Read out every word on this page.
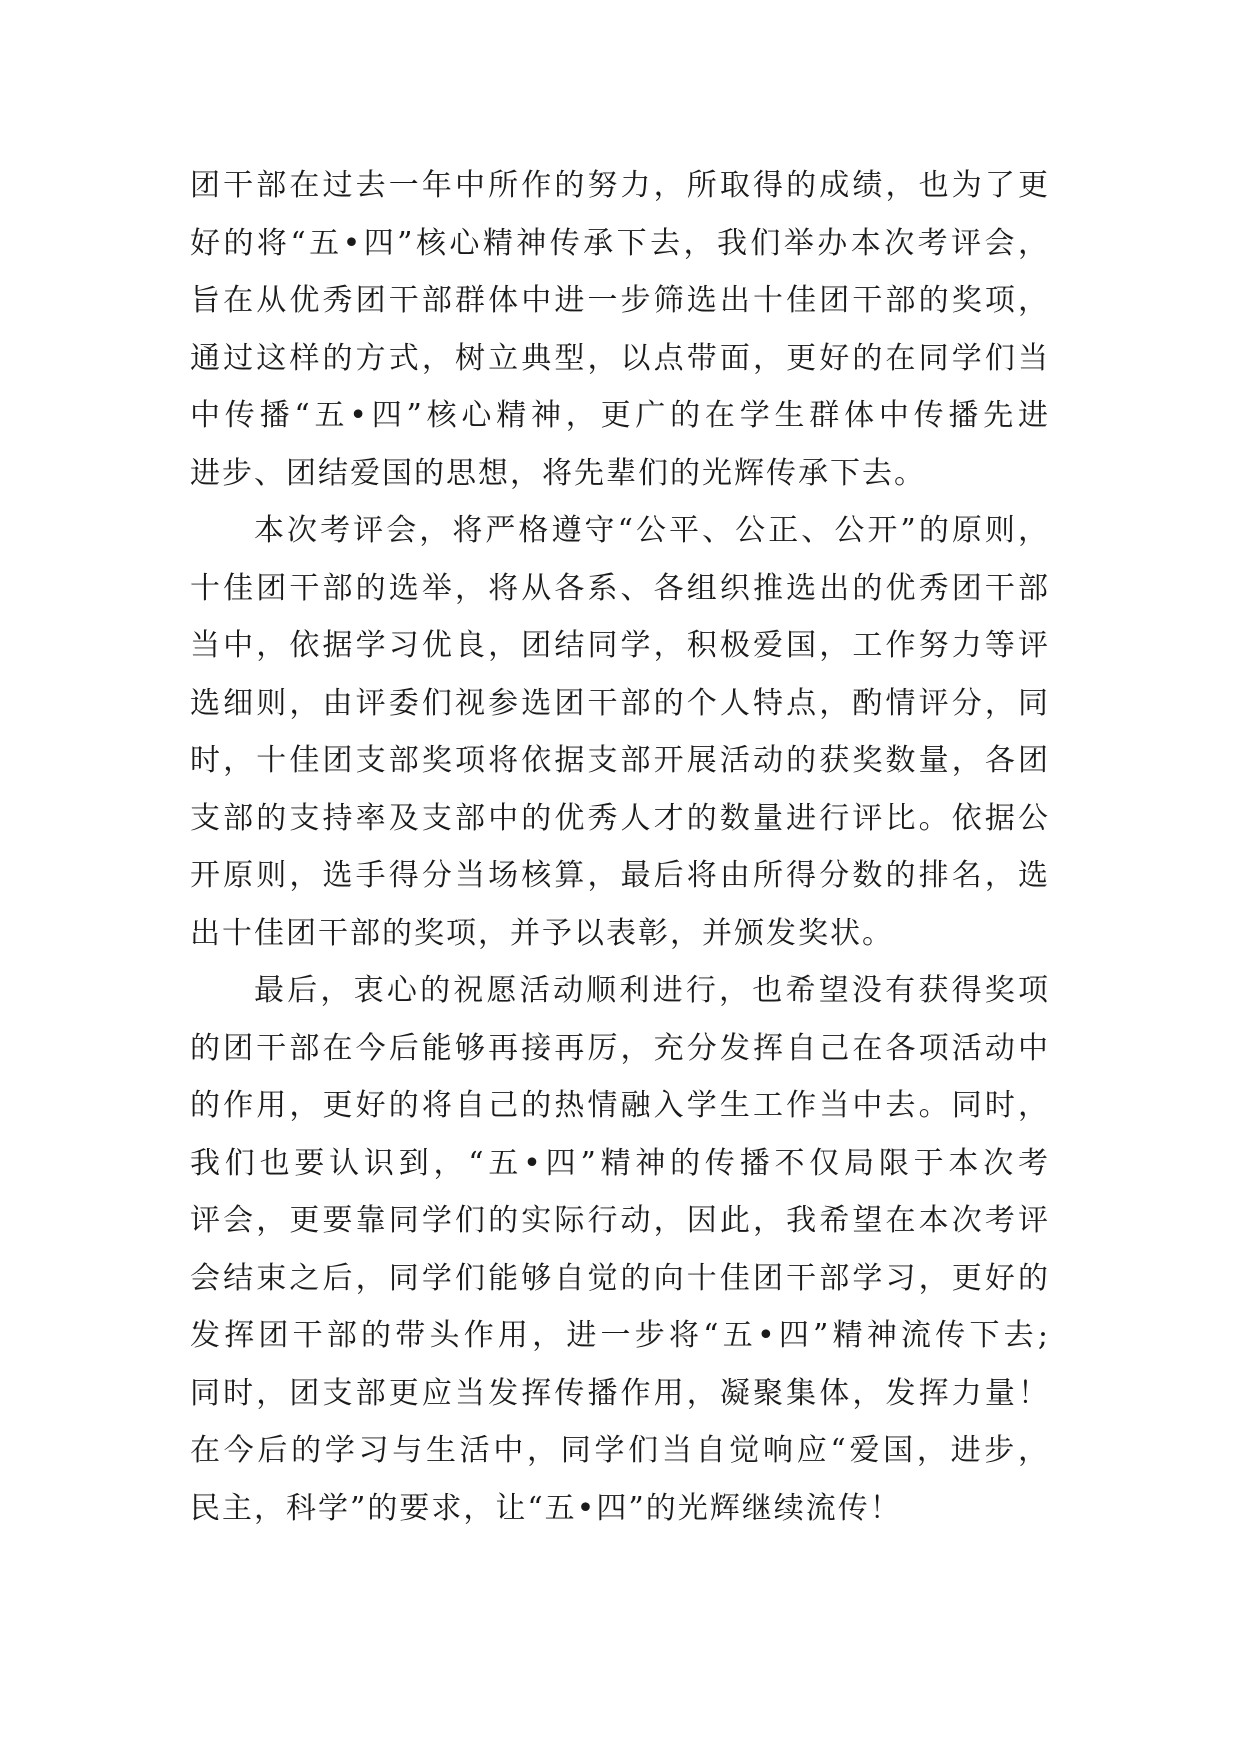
团干部在过去一年中所作的努力，所取得的成绩，也为了更
好的将“五•四”核心精神传承下去，我们举办本次考评会，
旨在从优秀团干部群体中进一步筛选出十佳团干部的奖项，
通过这样的方式，树立典型，以点带面，更好的在同学们当
中传播“五•四”核心精神，更广的在学生群体中传播先进
进步、团结爱国的思想，将先辈们的光辉传承下去。
本次考评会，将严格遵守“公平、公正、公开”的原则，
十佳团干部的选举，将从各系、各组织推选出的优秀团干部
当中，依据学习优良，团结同学，积极爱国，工作努力等评
选细则，由评委们视参选团干部的个人特点，酌情评分，同
时，十佳团支部奖项将依据支部开展活动的获奖数量，各团
支部的支持率及支部中的优秀人才的数量进行评比。依据公
开原则，选手得分当场核算，最后将由所得分数的排名，选
出十佳团干部的奖项，并予以表彰，并颁发奖状。
最后，衷心的祝愿活动顺利进行，也希望没有获得奖项
的团干部在今后能够再接再厉，充分发挥自己在各项活动中
的作用，更好的将自己的热情融入学生工作当中去。同时，
我们也要认识到，“五•四”精神的传播不仅局限于本次考
评会，更要靠同学们的实际行动，因此，我希望在本次考评
会结束之后，同学们能够自觉的向十佳团干部学习，更好的
发挥团干部的带头作用，进一步将“五•四”精神流传下去;
同时，团支部更应当发挥传播作用，凝聚集体，发挥力量！
在今后的学习与生活中，同学们当自觉响应“爱国，进步，
民主，科学”的要求，让“五•四”的光辉继续流传！
